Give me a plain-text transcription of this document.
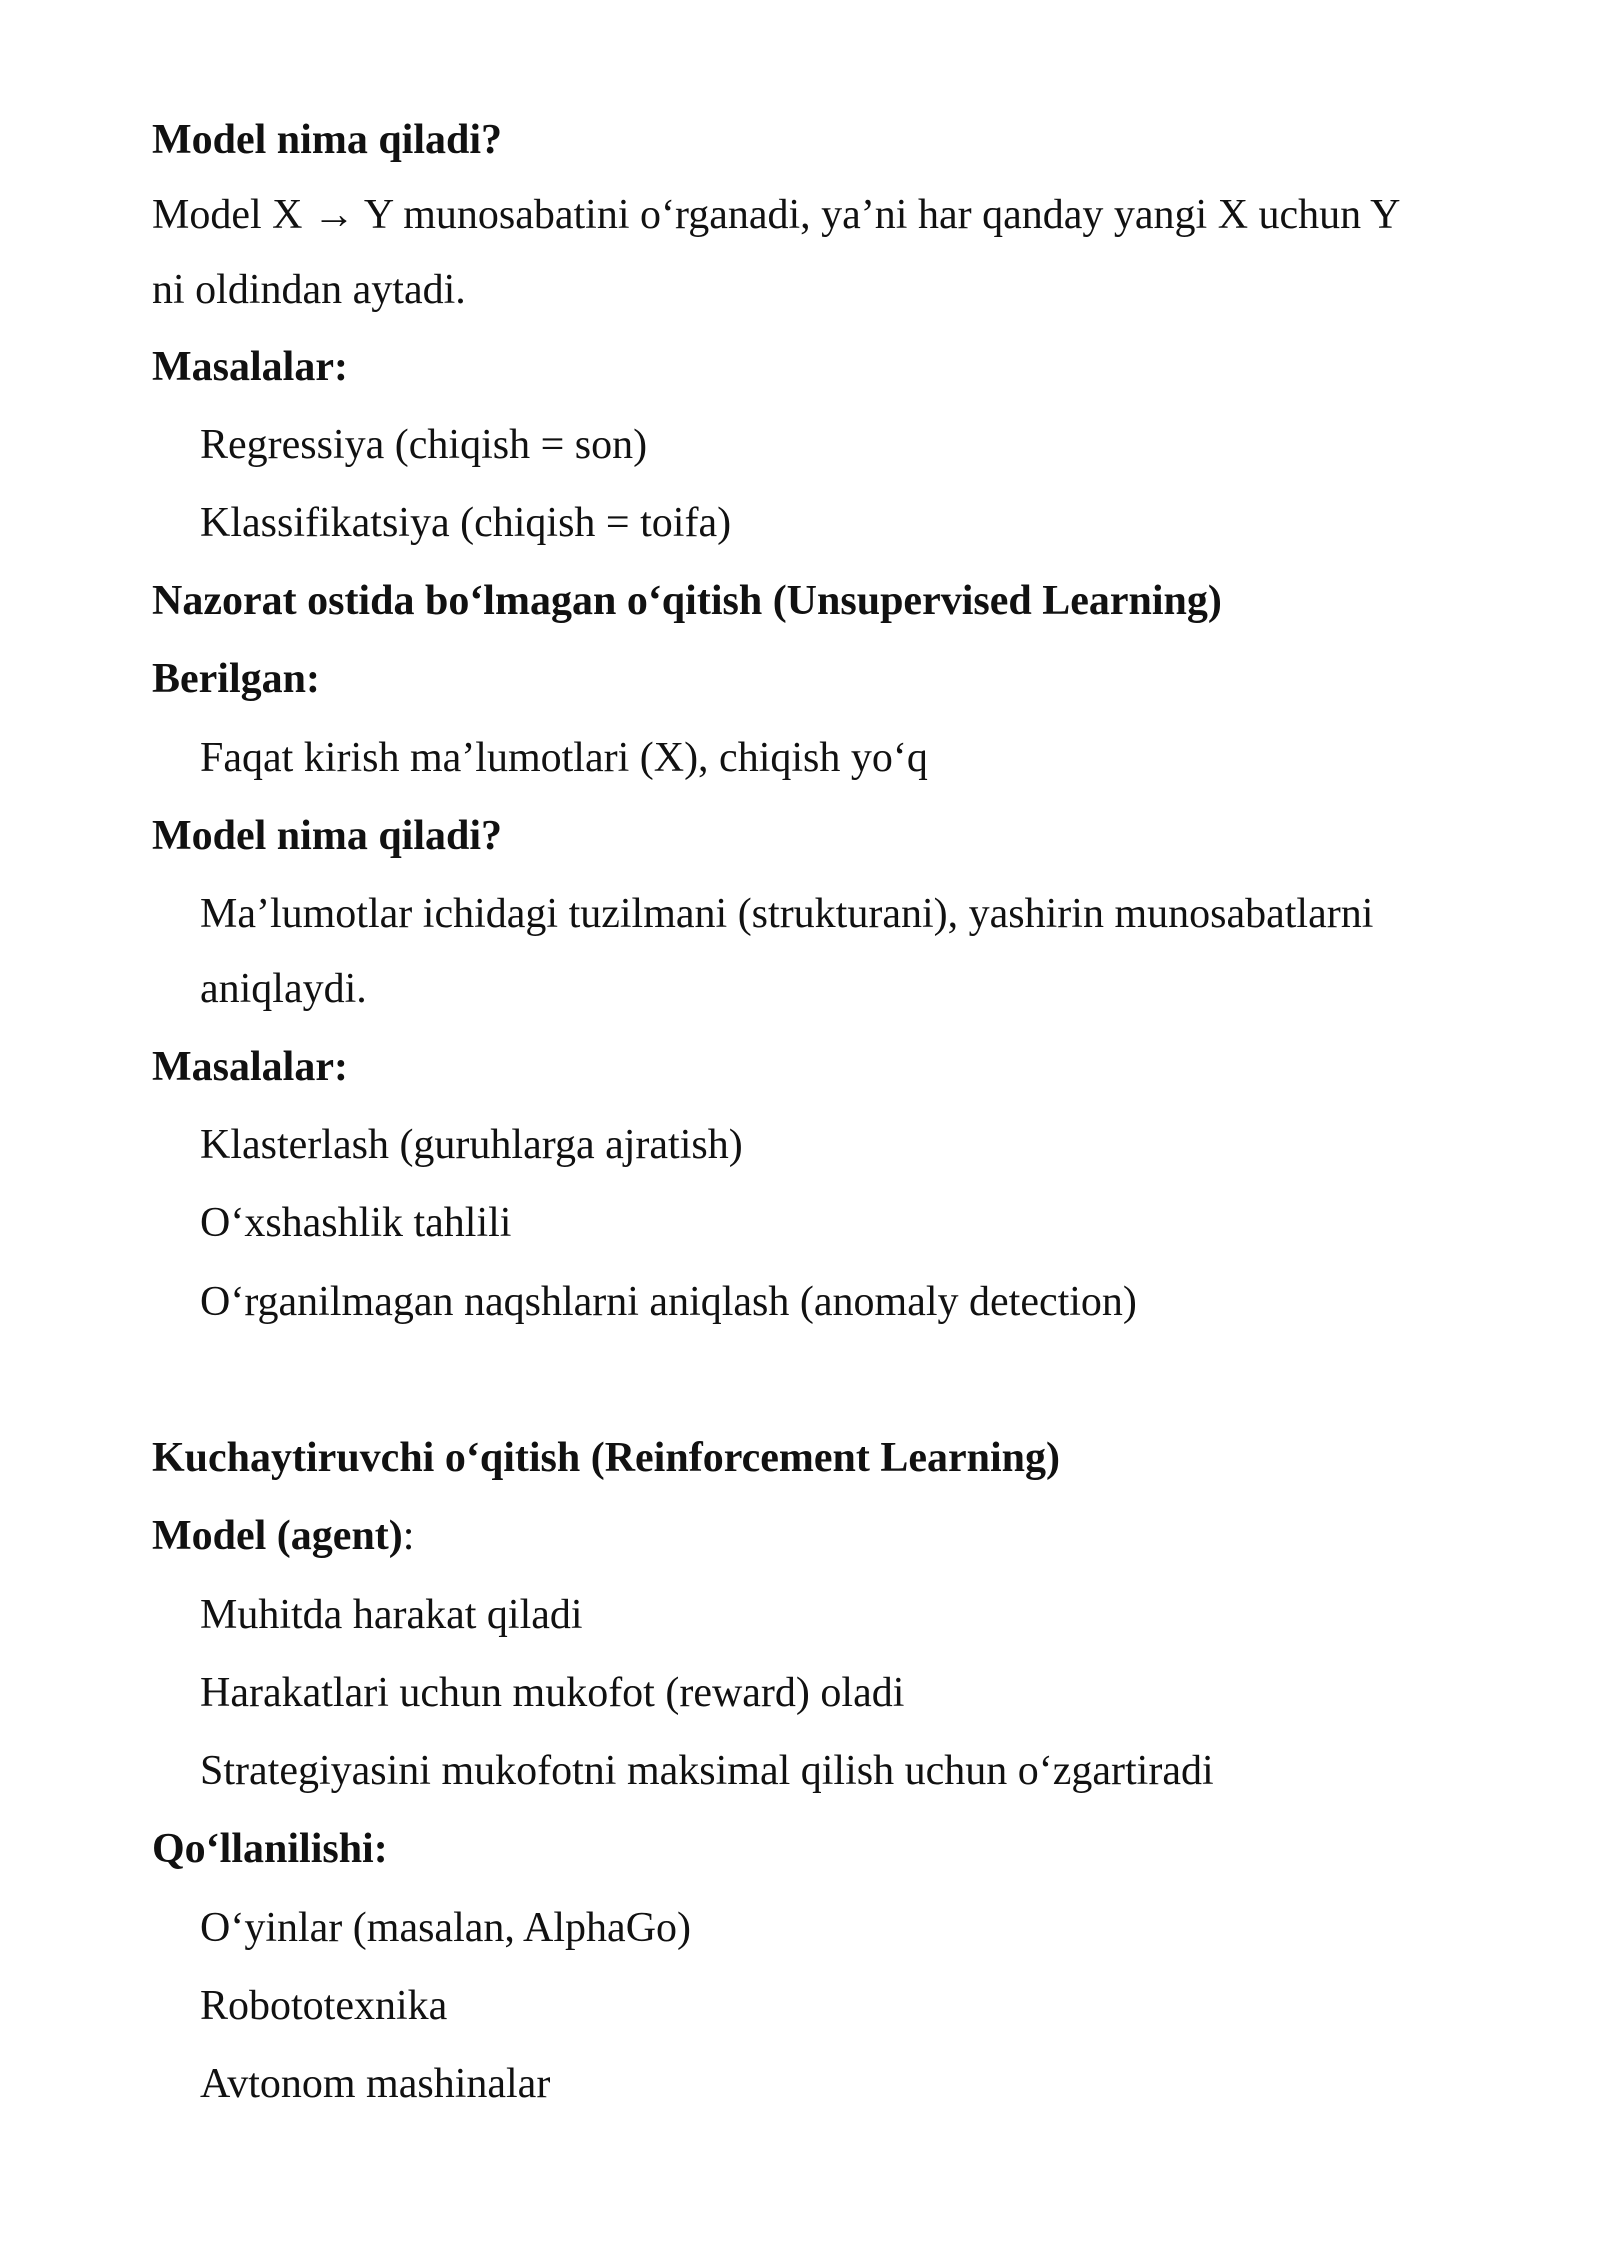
Model nima qiladi?
Model X → Y munosabatini o‘rganadi, ya’ni har qanday yangi X uchun Y
ni oldindan aytadi.
Masalalar:
Regressiya (chiqish = son)
Klassifikatsiya (chiqish = toifa)
Nazorat ostida bo‘lmagan o‘qitish (Unsupervised Learning)
Berilgan:
Faqat kirish ma’lumotlari (X), chiqish yo‘q
Model nima qiladi?
Ma’lumotlar ichidagi tuzilmani (strukturani), yashirin munosabatlarni
aniqlaydi.
Masalalar:
Klasterlash (guruhlarga ajratish)
O‘xshashlik tahlili
O‘rganilmagan naqshlarni aniqlash (anomaly detection)
Kuchaytiruvchi o‘qitish (Reinforcement Learning)
Model (agent):
Muhitda harakat qiladi
Harakatlari uchun mukofot (reward) oladi
Strategiyasini mukofotni maksimal qilish uchun o‘zgartiradi
Qo‘llanilishi:
O‘yinlar (masalan, AlphaGo)
Robototexnika
Avtonom mashinalar
